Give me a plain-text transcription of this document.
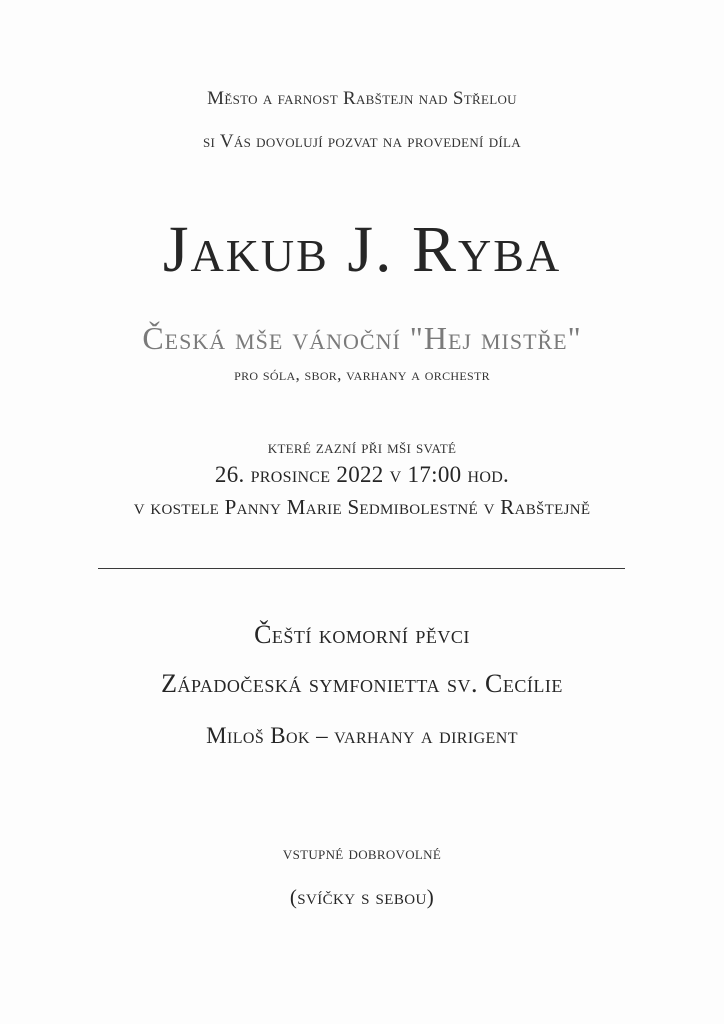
Město a farnost Rabštejn nad Střelou
si Vás dovolují pozvat na provedení díla
Jakub J. Ryba
Česká mše vánoční "Hej mistře"
pro sóla, sbor, varhany a orchestr
které zazní při mši svaté
26. prosince 2022 v 17:00 hod.
v kostele Panny Marie Sedmibolestné v Rabštejně
Čeští komorní pěvci
Západočeská symfonietta sv. Cecílie
Miloš Bok – varhany a dirigent
vstupné dobrovolné
(svíčky s sebou)
